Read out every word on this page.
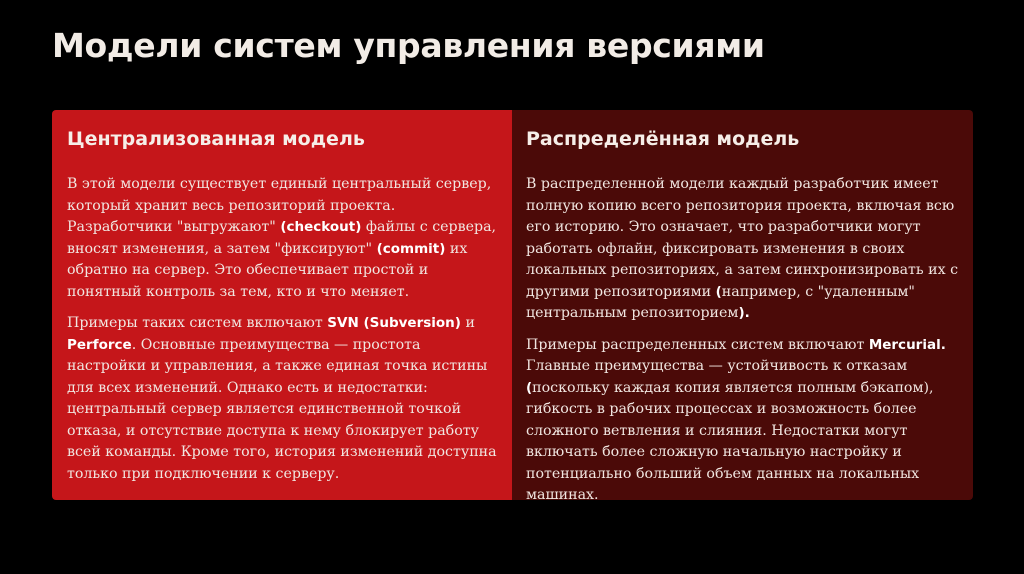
Модели систем управления версиями
Централизованная модель

В этой модели существует единый центральный сервер, который хранит весь репозиторий проекта. Разработчики "выгружают" (checkout) файлы с сервера, вносят изменения, а затем "фиксируют" (commit) их обратно на сервер. Это обеспечивает простой и понятный контроль за тем, кто и что меняет.

Примеры таких систем включают SVN (Subversion) и Perforce. Основные преимущества — простота настройки и управления, а также единая точка истины для всех изменений. Однако есть и недостатки: центральный сервер является единственной точкой отказа, и отсутствие доступа к нему блокирует работу всей команды. Кроме того, история изменений доступна только при подключении к серверу.

Распределённая модель

В распределенной модели каждый разработчик имеет полную копию всего репозитория проекта, включая всю его историю. Это означает, что разработчики могут работать офлайн, фиксировать изменения в своих локальных репозиториях, а затем синхронизировать их с другими репозиториями (например, с "удаленным" центральным репозиторием).

Примеры распределенных систем включают Mercurial. Главные преимущества — устойчивость к отказам (поскольку каждая копия является полным бэкапом), гибкость в рабочих процессах и возможность более сложного ветвления и слияния. Недостатки могут включать более сложную начальную настройку и потенциально больший объем данных на локальных машинах.
